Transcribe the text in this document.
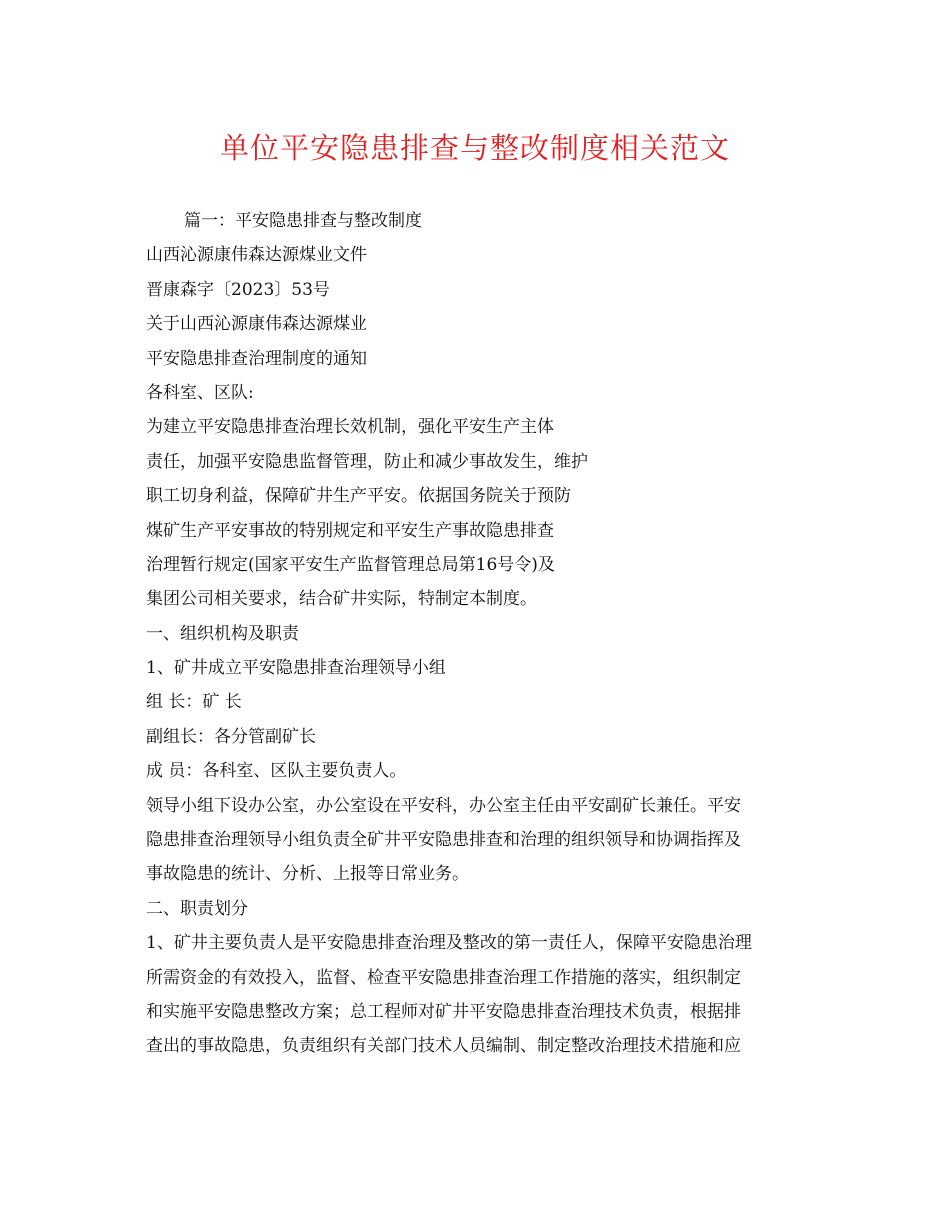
单位平安隐患排查与整改制度相关范文
篇一：平安隐患排查与整改制度
山西沁源康伟森达源煤业文件
晋康森字〔2023〕53号
关于山西沁源康伟森达源煤业
平安隐患排查治理制度的通知
各科室、区队:
为建立平安隐患排查治理长效机制，强化平安生产主体
责任，加强平安隐患监督管理，防止和减少事故发生，维护
职工切身利益，保障矿井生产平安。依据国务院关于预防
煤矿生产平安事故的特别规定和平安生产事故隐患排查
治理暂行规定(国家平安生产监督管理总局第16号令)及
集团公司相关要求，结合矿井实际，特制定本制度。
一、组织机构及职责
1、矿井成立平安隐患排查治理领导小组
组 长：矿 长
副组长：各分管副矿长
成 员：各科室、区队主要负责人。
领导小组下设办公室，办公室设在平安科，办公室主任由平安副矿长兼任。平安
隐患排查治理领导小组负责全矿井平安隐患排查和治理的组织领导和协调指挥及
事故隐患的统计、分析、上报等日常业务。
二、职责划分
1、矿井主要负责人是平安隐患排查治理及整改的第一责任人，保障平安隐患治理
所需资金的有效投入，监督、检查平安隐患排查治理工作措施的落实，组织制定
和实施平安隐患整改方案；总工程师对矿井平安隐患排查治理技术负责，根据排
查出的事故隐患，负责组织有关部门技术人员编制、制定整改治理技术措施和应
